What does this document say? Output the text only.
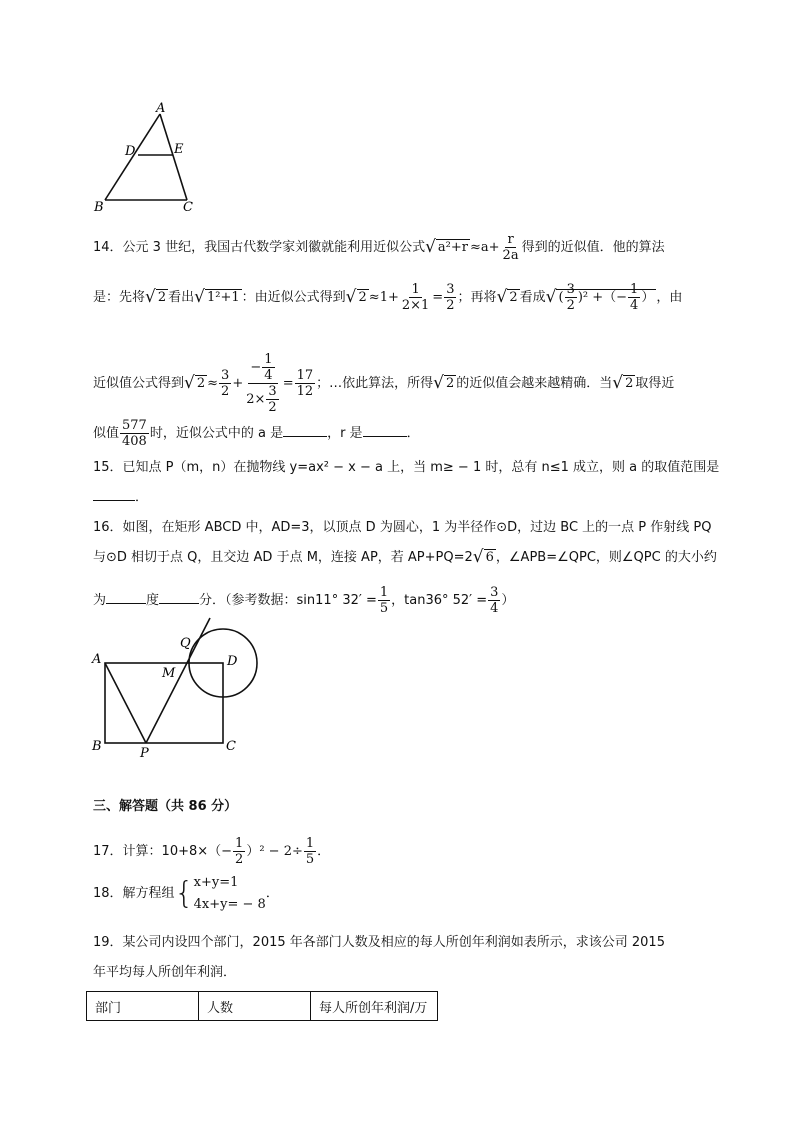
A
D	E
B	C
14．公元 3 世纪，我国古代数学家刘徽就能利用近似公式√ $a^2+r \approx a+ \frac{r}{2a}$ 得到的近似值．他的算法
是：先将√ 2 看出√ 1²+1 ：由近似公式得到√ $2 \approx 1+ \frac{1}{2\times 1} = \frac{3}{2}$ ；再将√ 2 看成√ ( $\frac{3}{2} )^2$ +（− $\frac{1}{4}$ ） ，由
近似值公式得到√ $2 \approx \frac{3}{2} + \frac{- \frac{1}{4}}{2\times \frac{3}{2}} = \frac{17}{12}$ ；…依此算法，所得√ 2 的近似值会越来越精确．当√ 2 取得近
似值 $\frac{577}{408}$ 时，近似公式中的 a 是	，r 是	．
15．已知点 P（m，n）在抛物线 y=ax² − x − a 上，当 m≥ − 1 时，总有 n≤1 成立，则 a 的取值范围是
．
16．如图，在矩形 ABCD 中，AD=3，以顶点 D 为圆心，1 为半径作⊙D，过边 BC 上的一点 P 作射线 PQ
与⊙D 相切于点 Q，且交边 AD 于点 M，连接 AP，若 AP+PQ=2√ 6 ，∠APB=∠QPC，则∠QPC 的大小约
为	度	分．（参考数据：sin11° $32' = \frac{1}{5}$ ，tan36° $52' = \frac{3}{4}$ ）
A
B	C
D
M
P
Q
三、解答题（共 86 分）
17．计算：$10+8\times(- \frac{1}{2} )^2 - 2\div \frac{1}{5}$ ．
18．解方程组{ x+y=1
4x+y= − 8
．
19．某公司内设四个部门，2015 年各部门人数及相应的每人所创年利润如表所示，求该公司 2015
年平均每人所创年利润．
部门	人数	每人所创年利润/万
